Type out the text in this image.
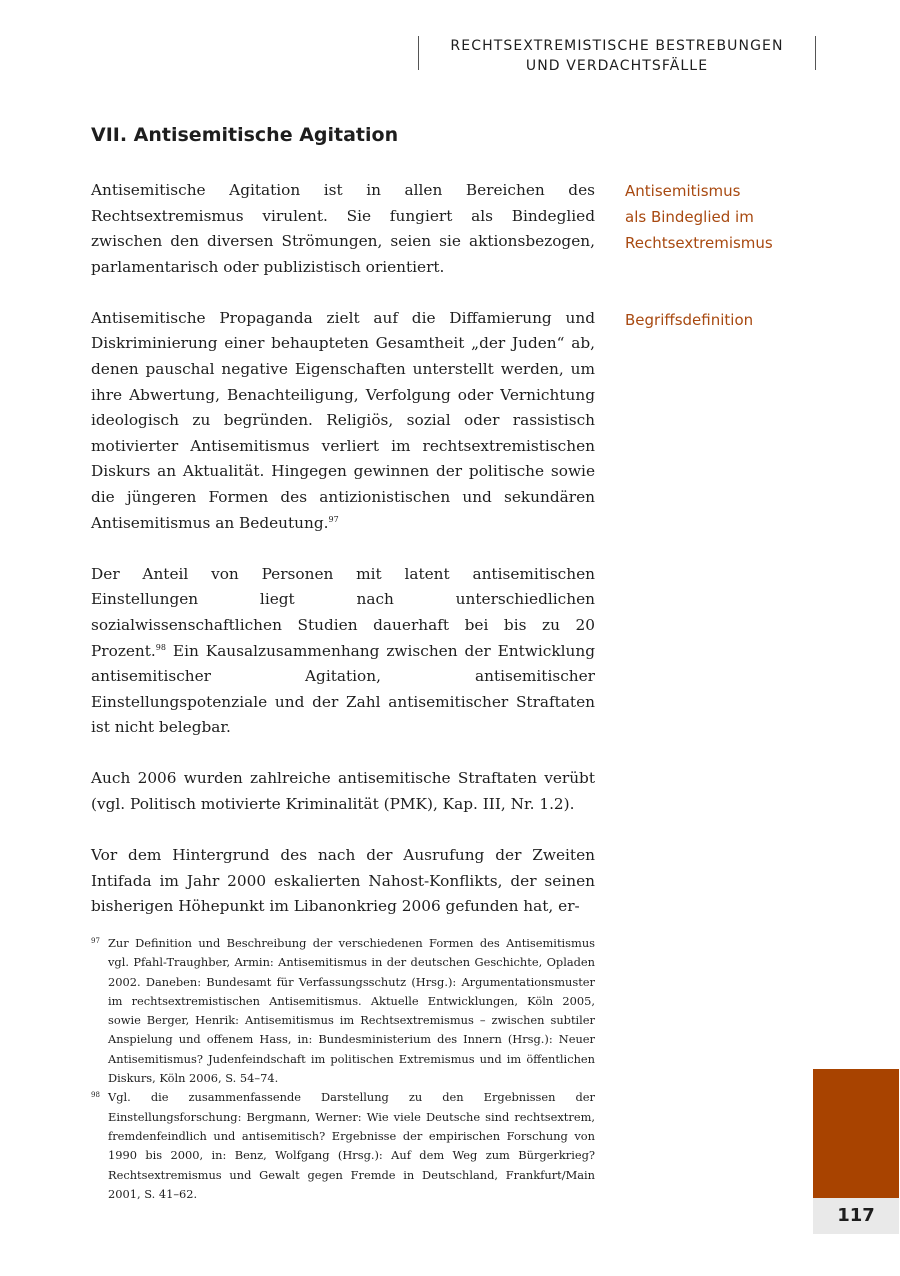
RECHTSEXTREMISTISCHE BESTREBUNGEN
UND VERDACHTSFÄLLE
VII. Antisemitische Agitation

Antisemitische Agitation ist in allen Bereichen des Rechtsextremismus virulent. Sie fungiert als Bindeglied zwischen den diversen Strömungen, seien sie aktionsbezogen, parlamentarisch oder publizistisch orientiert.

Antisemitische Propaganda zielt auf die Diffamierung und Diskriminierung einer behaupteten Gesamtheit „der Juden“ ab, denen pauschal negative Eigenschaften unterstellt werden, um ihre Abwertung, Benachteiligung, Verfolgung oder Vernichtung ideologisch zu begründen. Religiös, sozial oder rassistisch motivierter Antisemitismus verliert im rechtsextremistischen Diskurs an Aktualität. Hingegen gewinnen der politische sowie die jüngeren Formen des antizionistischen und sekundären Antisemitismus an Bedeutung.$^{97}$

Der Anteil von Personen mit latent antisemitischen Einstellungen liegt nach unterschiedlichen sozialwissenschaftlichen Studien dauerhaft bei bis zu 20 Prozent.$^{98}$ Ein Kausalzusammenhang zwischen der Entwicklung antisemitischer Agitation, antisemitischer Einstellungspotenziale und der Zahl antisemitischer Straftaten ist nicht belegbar.

Auch 2006 wurden zahlreiche antisemitische Straftaten verübt (vgl. Politisch motivierte Kriminalität (PMK), Kap. III, Nr. 1.2).

Vor dem Hintergrund des nach der Ausrufung der Zweiten Intifada im Jahr 2000 eskalierten Nahost-Konflikts, der seinen bisherigen Höhepunkt im Libanonkrieg 2006 gefunden hat, er-

Antisemitismus
als Bindeglied im
Rechtsextremismus
Begriffsdefinition
97 Zur Definition und Beschreibung der verschiedenen Formen des Antisemitismus vgl. Pfahl-Traughber, Armin: Antisemitismus in der deutschen Geschichte, Opladen 2002. Daneben: Bundesamt für Verfassungsschutz (Hrsg.): Argumentationsmuster im rechtsextremistischen Antisemitismus. Aktuelle Entwicklungen, Köln 2005, sowie Berger, Henrik: Antisemitismus im Rechtsextremismus – zwischen subtiler Anspielung und offenem Hass, in: Bundesministerium des Innern (Hrsg.): Neuer Antisemitismus? Judenfeindschaft im politischen Extremismus und im öffentlichen Diskurs, Köln 2006, S. 54–74.
98 Vgl. die zusammenfassende Darstellung zu den Ergebnissen der Einstellungsforschung: Bergmann, Werner: Wie viele Deutsche sind rechtsextrem, fremdenfeindlich und antisemitisch? Ergebnisse der empirischen Forschung von 1990 bis 2000, in: Benz, Wolfgang (Hrsg.): Auf dem Weg zum Bürgerkrieg? Rechtsextremismus und Gewalt gegen Fremde in Deutschland, Frankfurt/Main 2001, S. 41–62.
117
